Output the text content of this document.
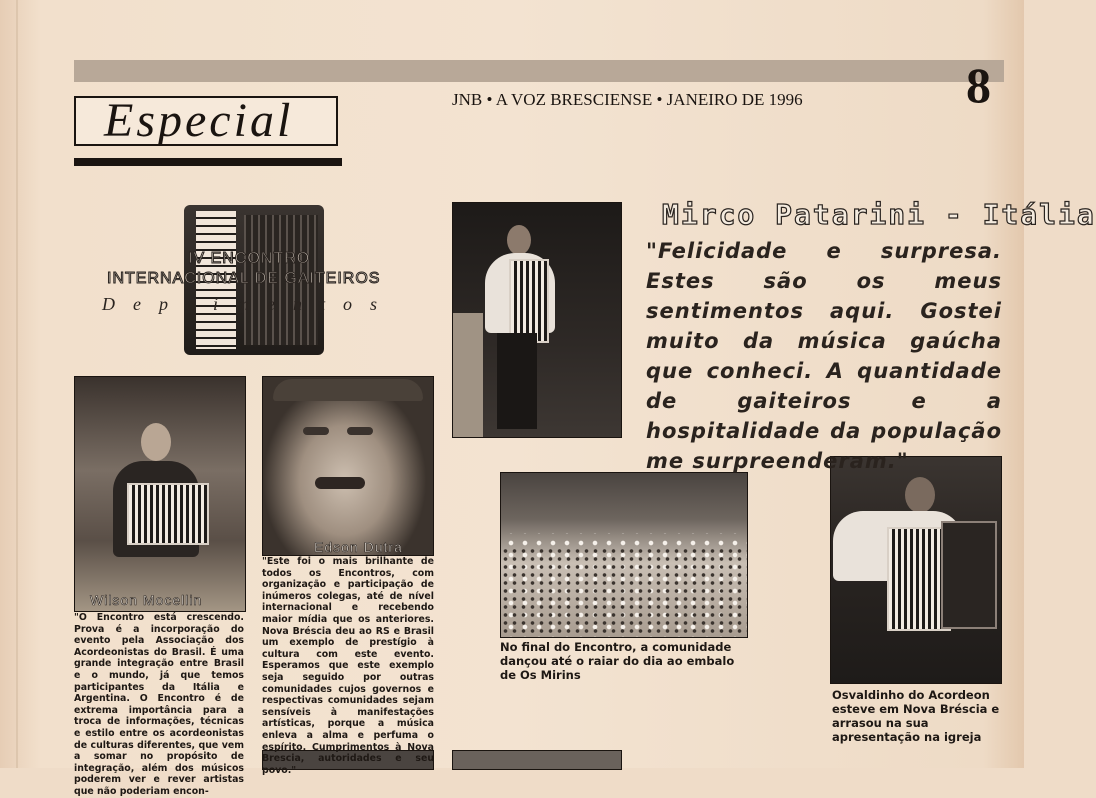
8
JNB • A VOZ BRESCIENSE • JANEIRO DE 1996
Especial
IV ENCONTRO
INTERNACIONAL DE GAITEIROS
Depoimentos
Wilson Mocellin
Edson Dutra

"O Encontro está crescendo. Prova é a incorporação do evento pela Associação dos Acordeonistas do Brasil. É uma grande integração entre Brasil e o mundo, já que temos participantes da Itália e Argentina. O Encontro é de extrema importância para a troca de informações, técnicas e estilo entre os acordeonistas de culturas diferentes, que vem a somar no propósito de integração, além dos músicos poderem ver e rever artistas que não poderiam encon-

"Este foi o mais brilhante de todos os Encontros, com organização e participação de inúmeros colegas, até de nível internacional e recebendo maior mídia que os anteriores. Nova Bréscia deu ao RS e Brasil um exemplo de prestígio à cultura com este evento. Esperamos que este exemplo seja seguido por outras comunidades cujos governos e respectivas comunidades sejam sensíveis à manifestações artísticas, porque a música enleva a alma e perfuma o espírito. Cumprimentos à Nova Brescia, autoridades e seu povo."

Mirco Patarini - Itália

"Felicidade e surpresa. Estes são os meus sentimentos aqui. Gostei muito da música gaúcha que conheci. A quantidade de gaiteiros e a hospitalidade da população me surpreenderam."

No final do Encontro, a comunidade dançou até o raiar do dia ao embalo de Os Mirins

Osvaldinho do Acordeon esteve em Nova Bréscia e arrasou na sua apresentação na igreja
